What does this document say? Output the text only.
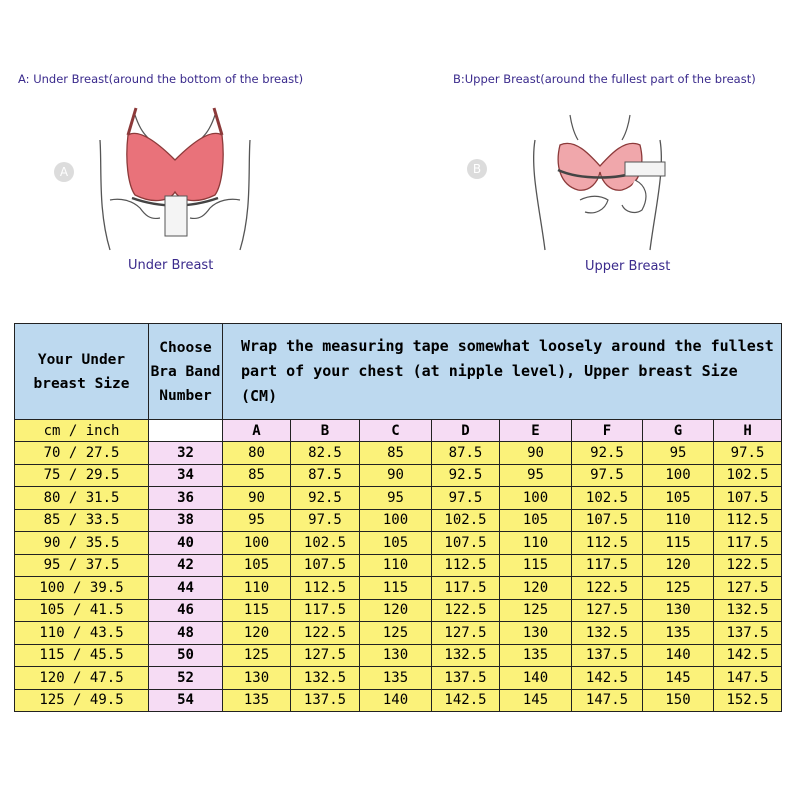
A: Under Breast(around the bottom of the breast)	B:Upper Breast(around the fullest part of the breast)
A
Under Breast
B
Upper Breast
Your Under breast Size	Choose Bra Band Number	Wrap the measuring tape somewhat loosely around the fullest part of your chest (at nipple level), Upper breast Size (CM)							
cm / inch		A	B	C	D	E	F	G	H
70 / 27.5	32	80	82.5	85	87.5	90	92.5	95	97.5
75 / 29.5	34	85	87.5	90	92.5	95	97.5	100	102.5
80 / 31.5	36	90	92.5	95	97.5	100	102.5	105	107.5
85 / 33.5	38	95	97.5	100	102.5	105	107.5	110	112.5
90 / 35.5	40	100	102.5	105	107.5	110	112.5	115	117.5
95 / 37.5	42	105	107.5	110	112.5	115	117.5	120	122.5
100 / 39.5	44	110	112.5	115	117.5	120	122.5	125	127.5
105 / 41.5	46	115	117.5	120	122.5	125	127.5	130	132.5
110 / 43.5	48	120	122.5	125	127.5	130	132.5	135	137.5
115 / 45.5	50	125	127.5	130	132.5	135	137.5	140	142.5
120 / 47.5	52	130	132.5	135	137.5	140	142.5	145	147.5
125 / 49.5	54	135	137.5	140	142.5	145	147.5	150	152.5
